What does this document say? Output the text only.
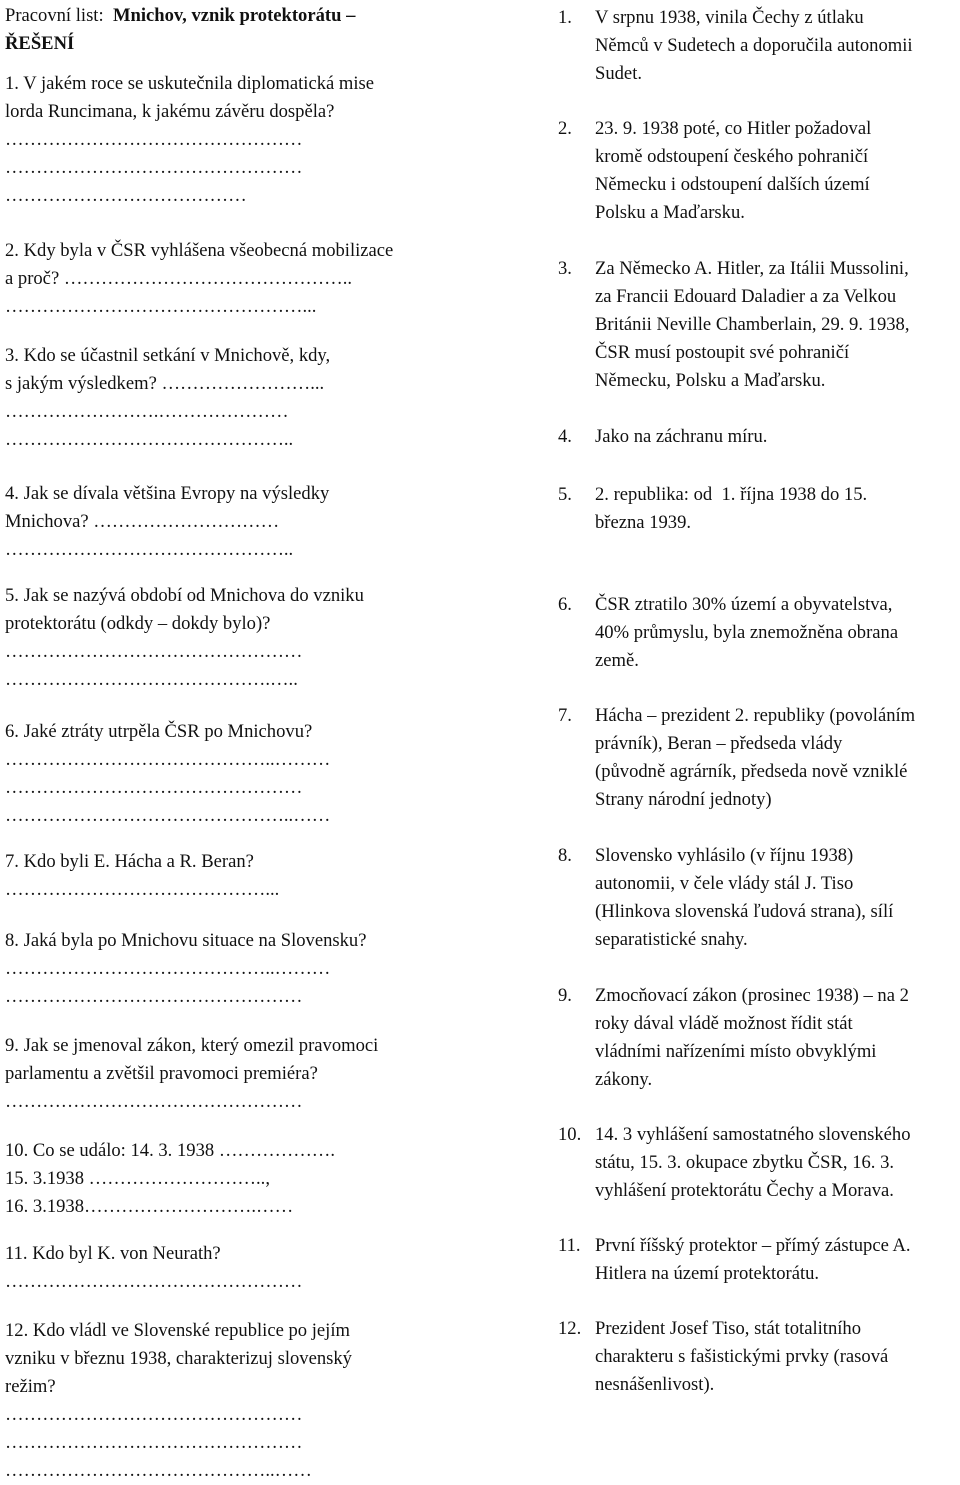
Pracovní list:  Mnichov, vznik protektorátu –
ŘEŠENÍ
1. V jakém roce se uskutečnila diplomatická mise
lorda Runcimana, k jakému závěru dospěla?
…………………………………………
…………………………………………
…………………………………
2. Kdy byla v ČSR vyhlášena všeobecná mobilizace
a proč? ………………………………………..
…………………………………………...
3. Kdo se účastnil setkání v Mnichově, kdy,
s jakým výsledkem? ……………………...
…………………….…………………
………………………………………..
4. Jak se dívala většina Evropy na výsledky
Mnichova? …………………………
………………………………………..
5. Jak se nazývá období od Mnichova do vzniku
protektorátu (odkdy – dokdy bylo)?
…………………………………………
…………………………………….…..
6. Jaké ztráty utrpěla ČSR po Mnichovu?
……………………………………..………
…………………………………………
………………………………………..……
7. Kdo byli E. Hácha a R. Beran?
……………………………………...
8. Jaká byla po Mnichovu situace na Slovensku?
……………………………………..………
…………………………………………
9. Jak se jmenoval zákon, který omezil pravomoci
parlamentu a zvětšil pravomoci premiéra?
…………………………………………
10. Co se událo: 14. 3. 1938 ……………….
15. 3.1938 ………………………..,
16. 3.1938……………………….……
11. Kdo byl K. von Neurath?
…………………………………………
12. Kdo vládl ve Slovenské republice po jejím
vzniku v březnu 1938, charakterizuj slovenský
režim?
…………………………………………
…………………………………………
……………………………………..……
1. V srpnu 1938, vinila Čechy z útlaku

Němců v Sudetech a doporučila autonomii

Sudet.

2. 23. 9. 1938 poté, co Hitler požadoval

kromě odstoupení českého pohraničí

Německu i odstoupení dalších území

Polsku a Maďarsku.

3. Za Německo A. Hitler, za Itálii Mussolini,

za Francii Edouard Daladier a za Velkou

Británii Neville Chamberlain, 29. 9. 1938,

ČSR musí postoupit své pohraničí

Německu, Polsku a Maďarsku.

4. Jako na záchranu míru.

5. 2. republika: od  1. října 1938 do 15.

března 1939.

6. ČSR ztratilo 30% území a obyvatelstva,

40% průmyslu, byla znemožněna obrana

země.

7. Hácha – prezident 2. republiky (povoláním

právník), Beran – předseda vlády

(původně agrárník, předseda nově vzniklé

Strany národní jednoty)

8. Slovensko vyhlásilo (v říjnu 1938)

autonomii, v čele vlády stál J. Tiso

(Hlinkova slovenská ľudová strana), sílí

separatistické snahy.

9. Zmocňovací zákon (prosinec 1938) – na 2

roky dával vládě možnost řídit stát

vládními nařízeními místo obvyklými

zákony.

10. 14. 3 vyhlášení samostatného slovenského

státu, 15. 3. okupace zbytku ČSR, 16. 3.

vyhlášení protektorátu Čechy a Morava.

11. První říšský protektor – přímý zástupce A.

Hitlera na území protektorátu.

12. Prezident Josef Tiso, stát totalitního

charakteru s fašistickými prvky (rasová

nesnášenlivost).
